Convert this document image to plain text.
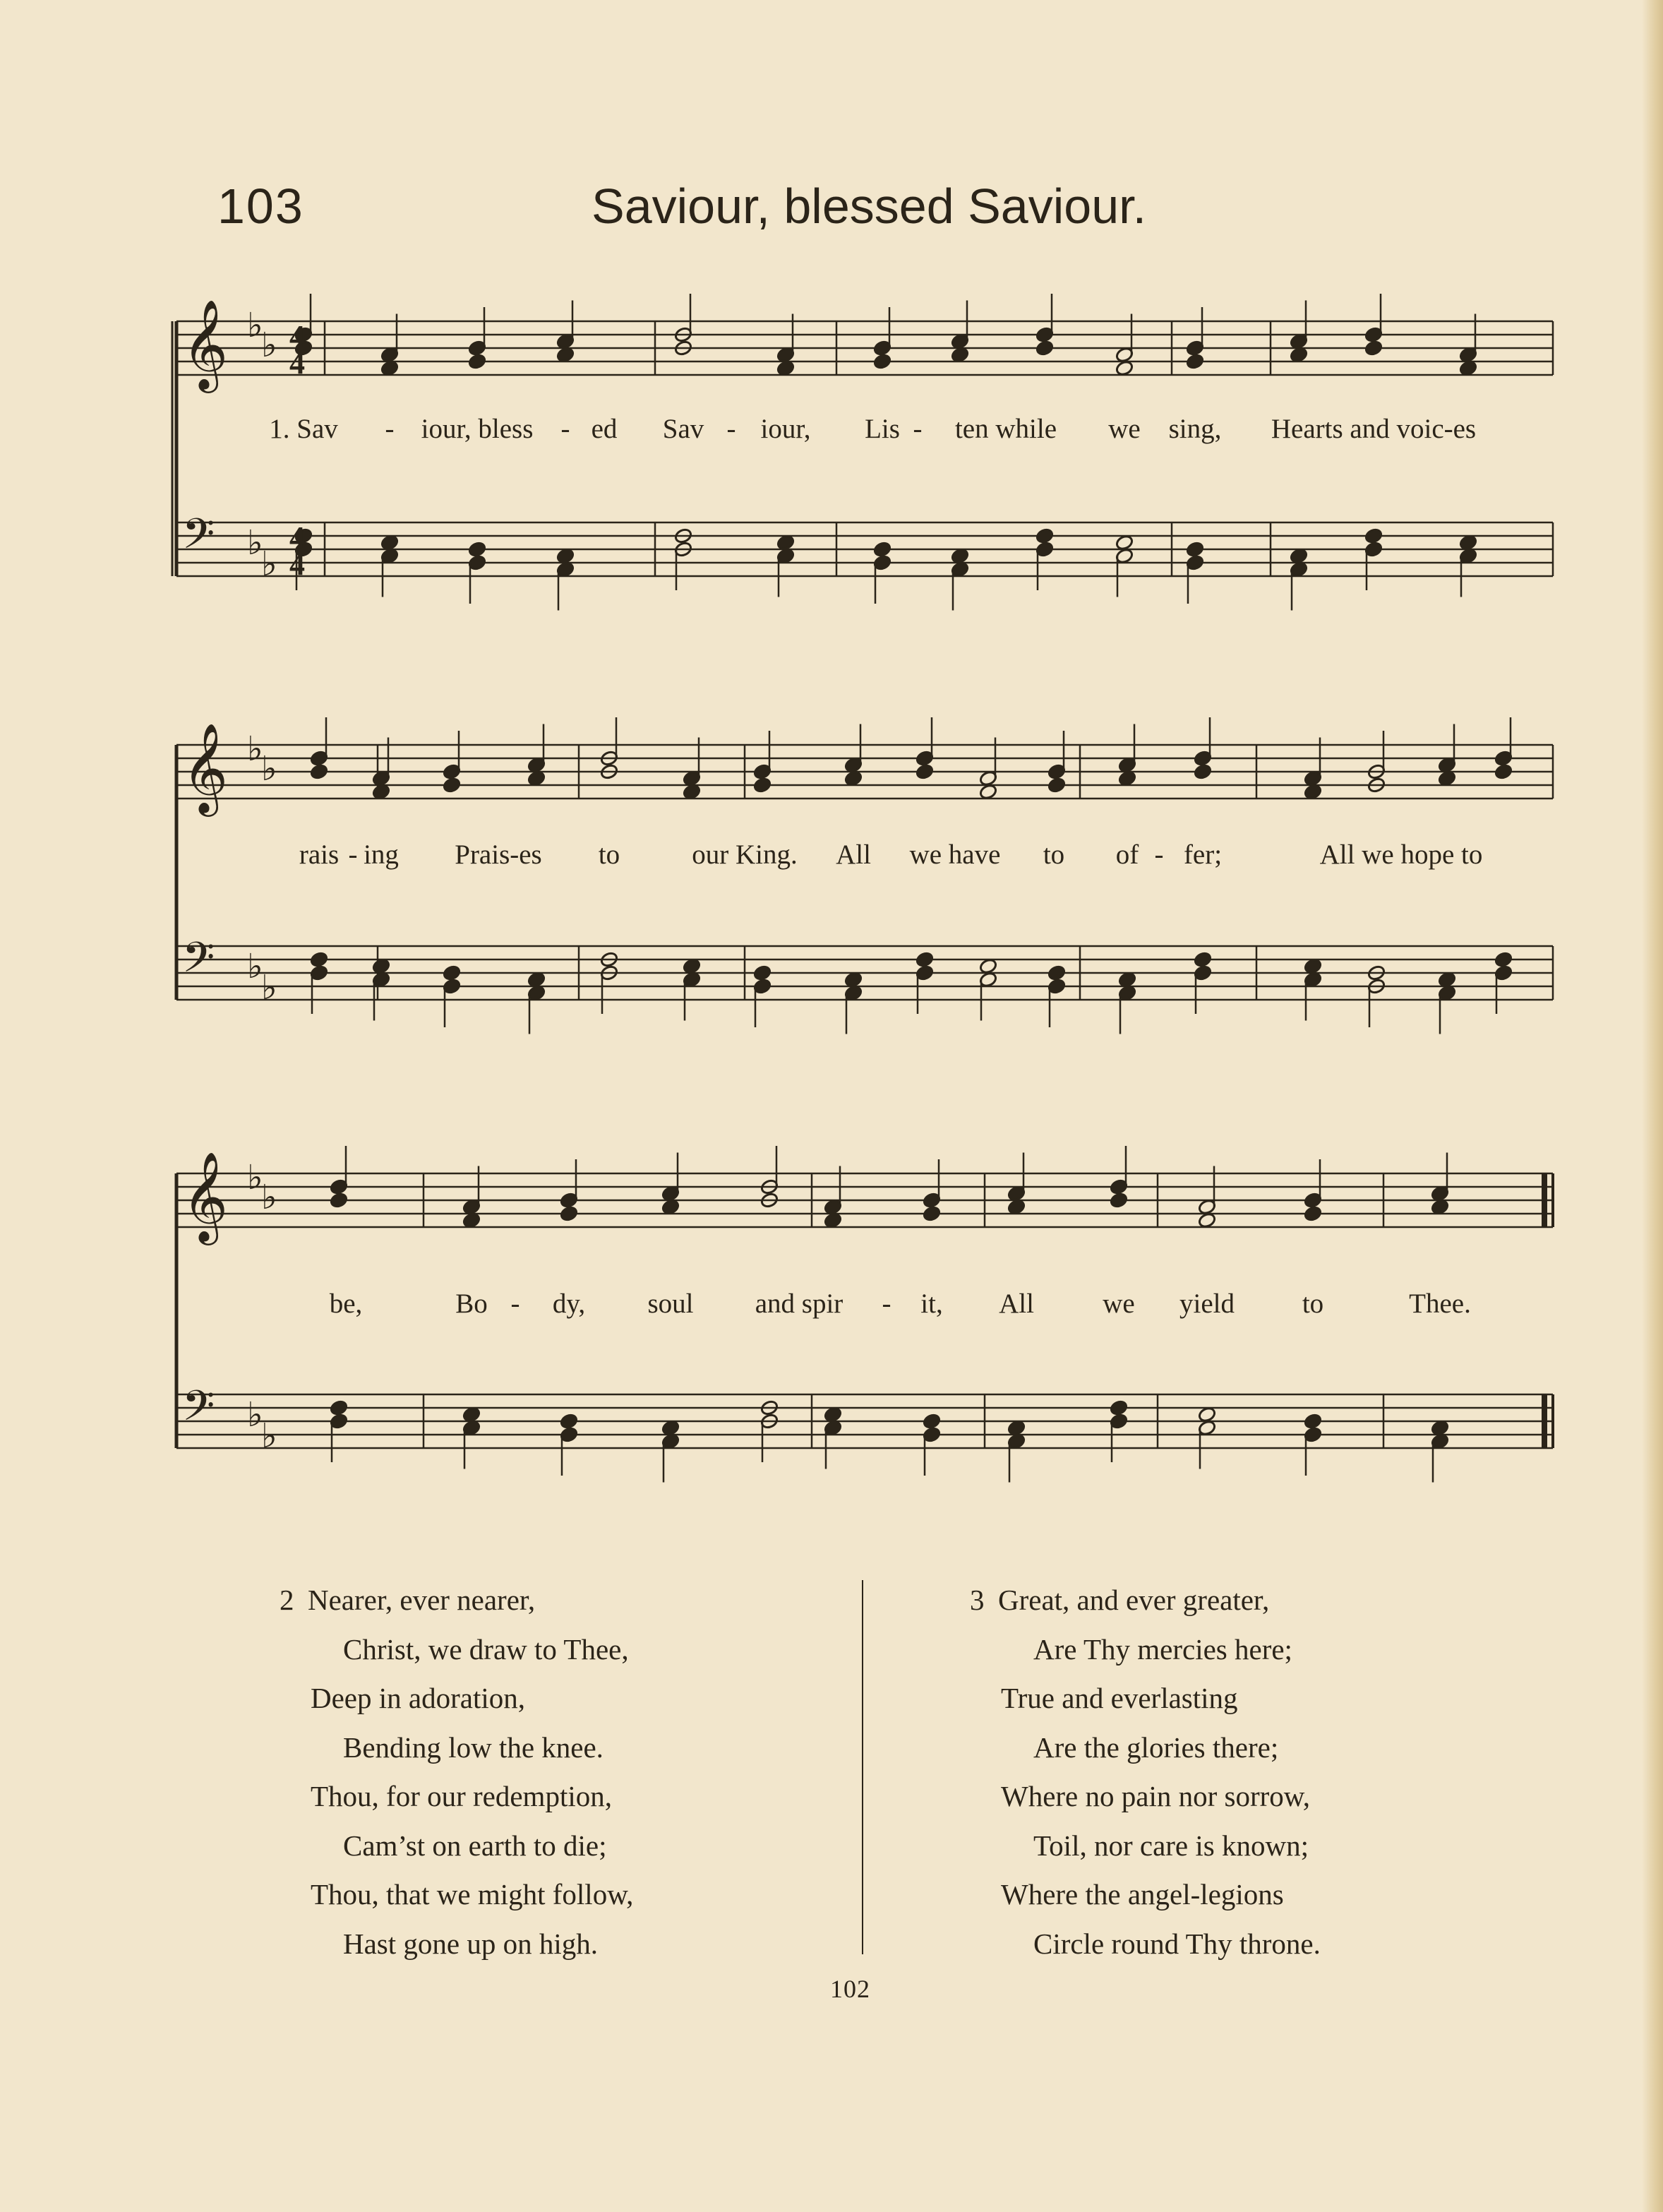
103	Saviour, blessed Saviour.
𝄞 ♭
♭ 4
4
𝄢 ♭
♭
4
4
𝄞 ♭
♭
𝄢 ♭
♭
𝄞 ♭
♭
𝄢 ♭
♭
1. Sav - iour, bless - ed Sav - iour, Lis - ten while we sing, Hearts and voic-es
rais - ing Prais-es to	our King. All we have to of - fer;	All we hope to
be,	Bo - dy, soul and spir - it, All we yield to	Thee.
2 Nearer, ever nearer,
Christ, we draw to Thee,
Deep in adoration,
Bending low the knee.
Thou, for our redemption,
Cam’st on earth to die;
Thou, that we might follow,
Hast gone up on high.
3 Great, and ever greater,
Are Thy mercies here;
True and everlasting
Are the glories there;
Where no pain nor sorrow,
Toil, nor care is known;
Where the angel-legions
Circle round Thy throne.
102
